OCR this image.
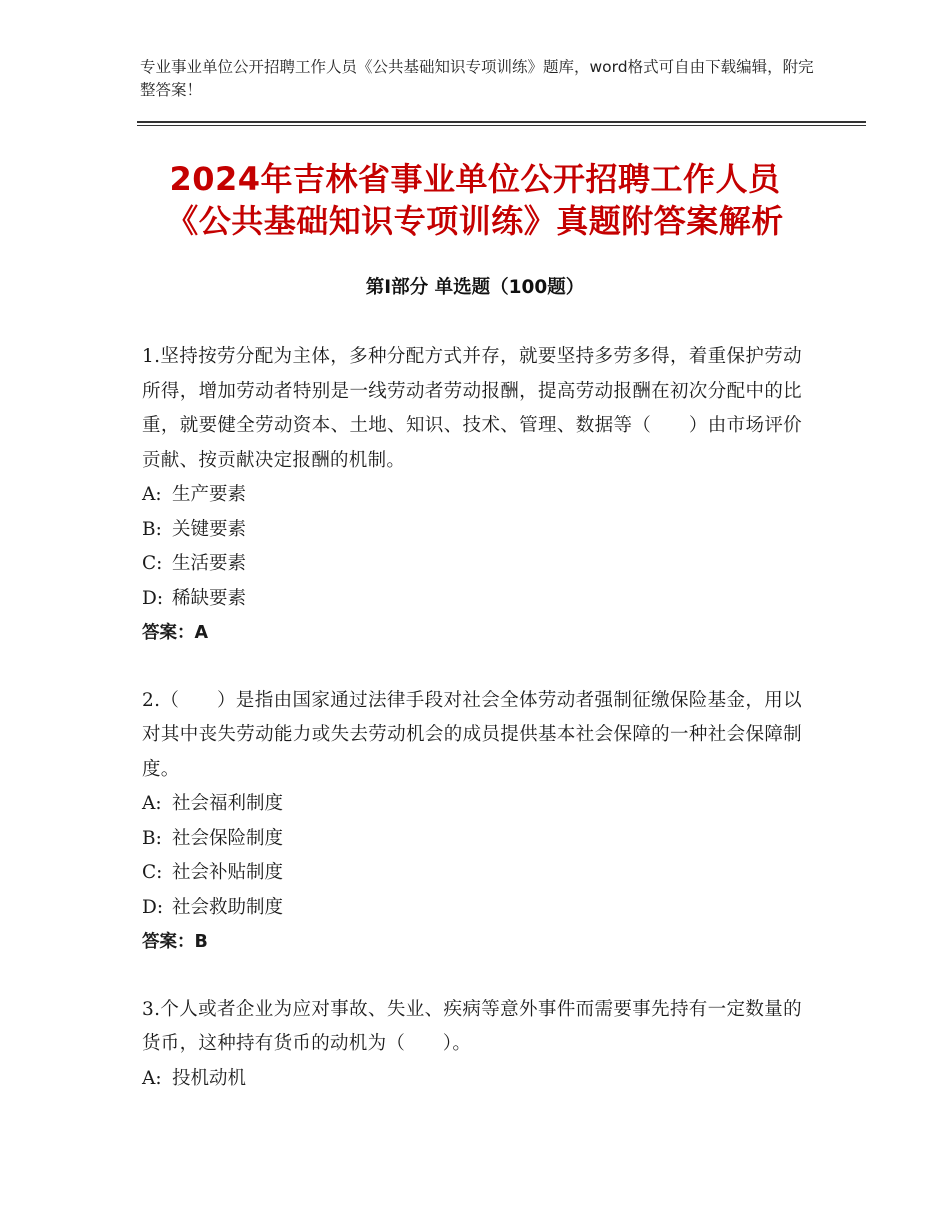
专业事业单位公开招聘工作人员《公共基础知识专项训练》题库，word格式可自由下载编辑，附完整答案！
2024年吉林省事业单位公开招聘工作人员
《公共基础知识专项训练》真题附答案解析
第Ⅰ部分 单选题（100题）

1.坚持按劳分配为主体，多种分配方式并存，就要坚持多劳多得，着重保护劳动所得，增加劳动者特别是一线劳动者劳动报酬，提高劳动报酬在初次分配中的比重，就要健全劳动资本、土地、知识、技术、管理、数据等（　　）由市场评价贡献、按贡献决定报酬的机制。

A: 生产要素

B: 关键要素

C: 生活要素

D: 稀缺要素

答案：A

2.（　　）是指由国家通过法律手段对社会全体劳动者强制征缴保险基金，用以对其中丧失劳动能力或失去劳动机会的成员提供基本社会保障的一种社会保障制度。

A: 社会福利制度

B: 社会保险制度

C: 社会补贴制度

D: 社会救助制度

答案：B

3.个人或者企业为应对事故、失业、疾病等意外事件而需要事先持有一定数量的货币，这种持有货币的动机为（　　）。

A: 投机动机
